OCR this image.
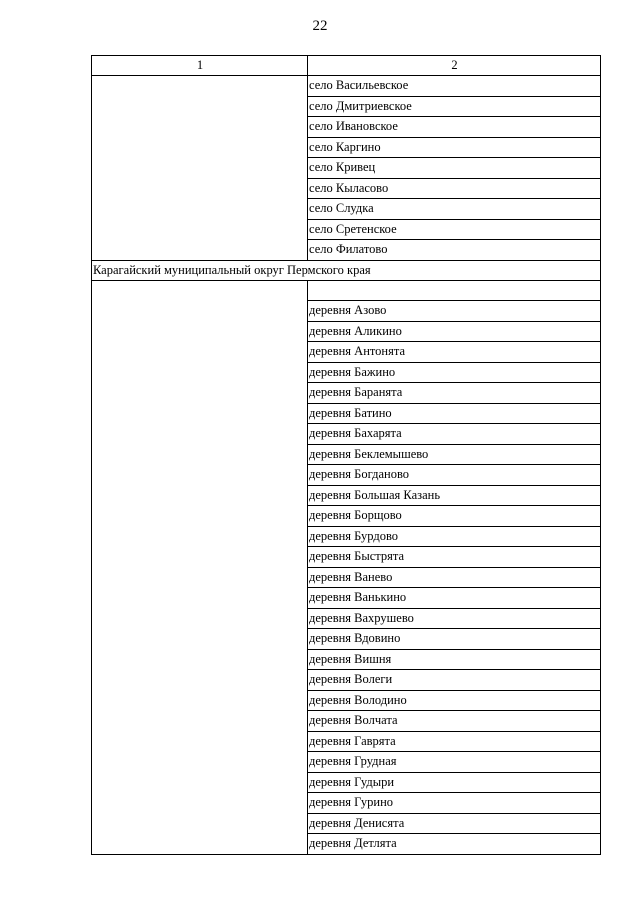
22
1	2
	село Васильевское
	село Дмитриевское
	село Ивановское
	село Каргино
	село Кривец
	село Кыласово
	село Слудка
	село Сретенское
	село Филатово
Карагайский муниципальный округ Пермского края	

	деревня Азово
	деревня Аликино
	деревня Антонята
	деревня Бажино
	деревня Баранята
	деревня Батино
	деревня Бахарята
	деревня Беклемышево
	деревня Богданово
	деревня Большая Казань
	деревня Борщово
	деревня Бурдово
	деревня Быстрята
	деревня Ванево
	деревня Ванькино
	деревня Вахрушево
	деревня Вдовино
	деревня Вишня
	деревня Волеги
	деревня Володино
	деревня Волчата
	деревня Гаврята
	деревня Грудная
	деревня Гудыри
	деревня Гурино
	деревня Денисята
	деревня Детлята
